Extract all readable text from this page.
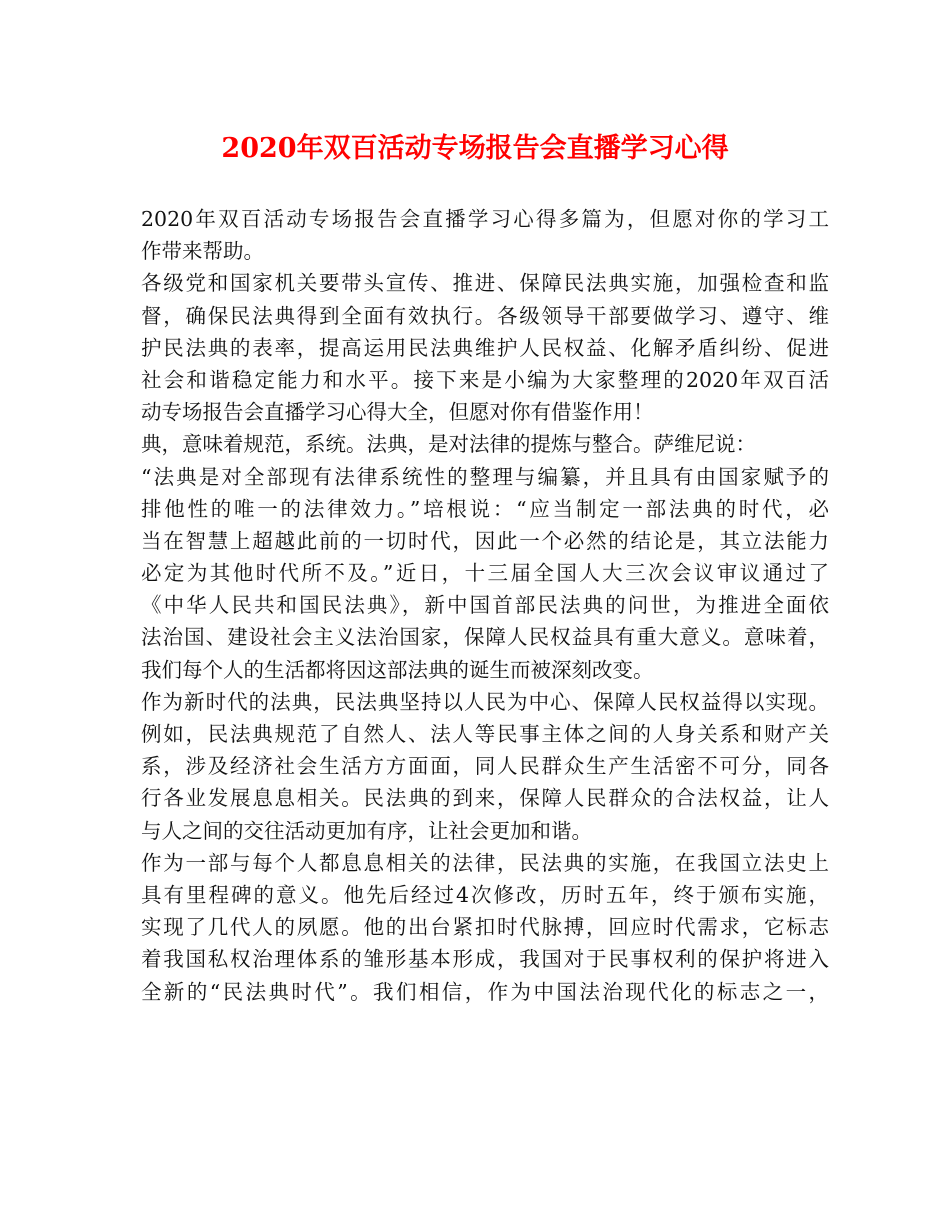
2020年双百活动专场报告会直播学习心得
2020年双百活动专场报告会直播学习心得多篇为，但愿对你的学习工
作带来帮助。
各级党和国家机关要带头宣传、推进、保障民法典实施，加强检查和监
督，确保民法典得到全面有效执行。各级领导干部要做学习、遵守、维
护民法典的表率，提高运用民法典维护人民权益、化解矛盾纠纷、促进
社会和谐稳定能力和水平。接下来是小编为大家整理的2020年双百活
动专场报告会直播学习心得大全，但愿对你有借鉴作用！
典，意味着规范，系统。法典，是对法律的提炼与整合。萨维尼说：
“法典是对全部现有法律系统性的整理与编纂，并且具有由国家赋予的
排他性的唯一的法律效力。”培根说：“应当制定一部法典的时代，必
当在智慧上超越此前的一切时代，因此一个必然的结论是，其立法能力
必定为其他时代所不及。”近日，十三届全国人大三次会议审议通过了
《中华人民共和国民法典》，新中国首部民法典的问世，为推进全面依
法治国、建设社会主义法治国家，保障人民权益具有重大意义。意味着，
我们每个人的生活都将因这部法典的诞生而被深刻改变。
作为新时代的法典，民法典坚持以人民为中心、保障人民权益得以实现。
例如，民法典规范了自然人、法人等民事主体之间的人身关系和财产关
系，涉及经济社会生活方方面面，同人民群众生产生活密不可分，同各
行各业发展息息相关。民法典的到来，保障人民群众的合法权益，让人
与人之间的交往活动更加有序，让社会更加和谐。
作为一部与每个人都息息相关的法律，民法典的实施，在我国立法史上
具有里程碑的意义。他先后经过4次修改，历时五年，终于颁布实施，
实现了几代人的夙愿。他的出台紧扣时代脉搏，回应时代需求，它标志
着我国私权治理体系的雏形基本形成，我国对于民事权利的保护将进入
全新的“民法典时代”。我们相信，作为中国法治现代化的标志之一，
